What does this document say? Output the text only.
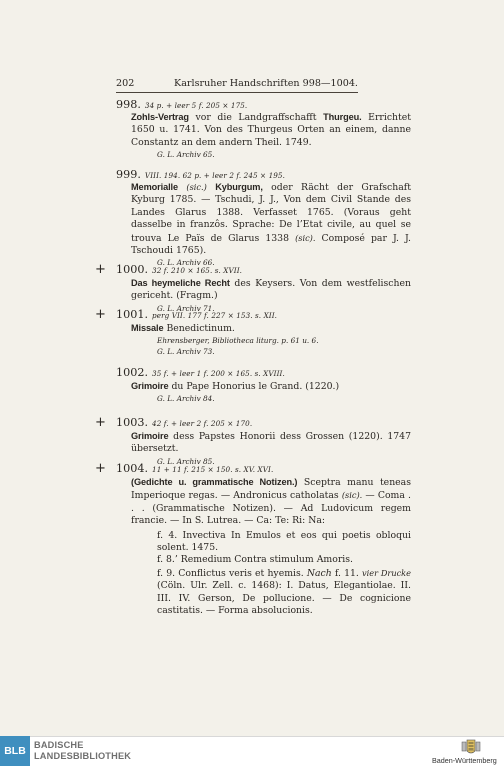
202	Karlsruher Handschriften 998—1004.
998. 34 p. + leer 5 f. 205 × 175.

Zohls-Vertrag vor die Landgraffschafft Thurgeu. Errichtet 1650 u. 1741. Von des Thurgeus Orten an einem, danne Constantz an dem andern Theil. 1749.

G. L. Archiv 65.

999. VIII. 194. 62 p. + leer 2 f. 245 × 195.

Memorialle (sic.) Kyburgum, oder Rächt der Grafschaft Kyburg 1785. — Tschudi, J. J., Von dem Civil Stande des Landes Glarus 1388. Verfasset 1765. (Voraus geht dasselbe in franzôs. Sprache: De l’Etat civile, au quel se trouva Le Païs de Glarus 1338 (sic). Composé par J. J. Tschoudi 1765).

G. L. Archiv 66.

+ 1000. 32 f. 210 × 165. s. XVII.

Das heymeliche Recht des Keysers. Von dem westfelischen gericeht. (Fragm.)

G. L. Archiv 71.

+ 1001. perg VII. 177 f. 227 × 153. s. XII.

Missale Benedictinum.

Ehrensberger, Bibliotheca liturg. p. 61 u. 6.

G. L. Archiv 73.

1002. 35 f. + leer 1 f. 200 × 165. s. XVIII.

Grimoire du Pape Honorius le Grand. (1220.)

G. L. Archiv 84.

+ 1003. 42 f. + leer 2 f. 205 × 170.

Grimoire dess Papstes Honorii dess Grossen (1220). 1747 übersetzt.

G. L. Archiv 85.

+ 1004. 11 + 11 f. 215 × 150. s. XV. XVI.

(Gedichte u. grammatische Notizen.) Sceptra manu teneas Imperioque regas. — Andronicus catholatas (sic). — Coma . . . (Grammatische Notizen). — Ad Ludovicum regem francie. — In S. Lutrea. — Ca: Te: Ri: Na:

f. 4. Invectiva In Emulos et eos qui poetis obloqui solent. 1475.

f. 8.’ Remedium Contra stimulum Amoris.

f. 9. Conflictus veris et hyemis. Nach f. 11. vier Drucke (Cöln. Ulr. Zell. c. 1468): I. Datus, Elegantiolae. II. III. IV. Gerson, De pollucione. — De cognicione castitatis. — Forma absolucionis.

BLB BADISCHE
LANDESBIBLIOTHEK	Baden-Württemberg
